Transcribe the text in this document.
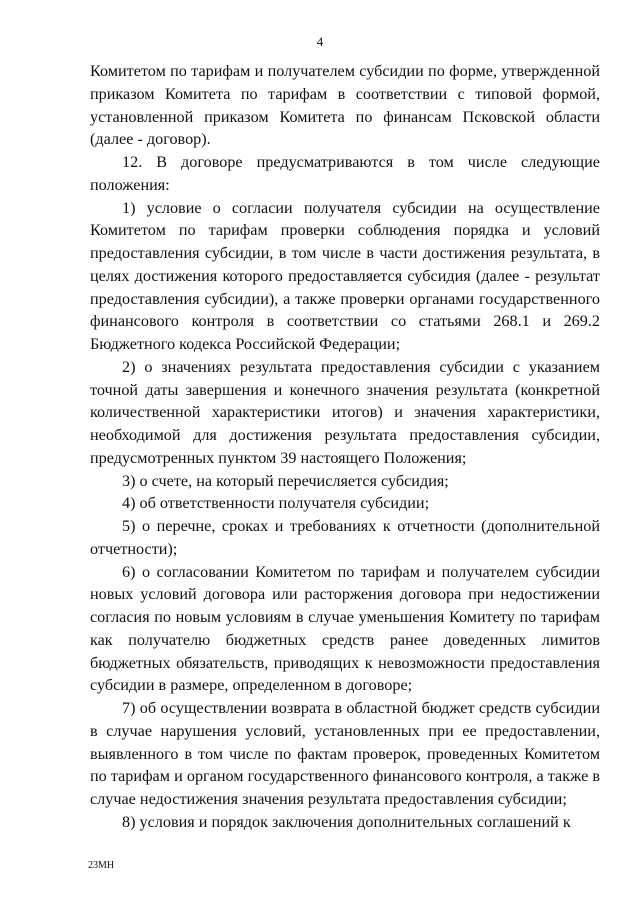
4

Комитетом по тарифам и получателем субсидии по форме, утвержденной приказом Комитета по тарифам в соответствии с типовой формой, установленной приказом Комитета по финансам Псковской области (далее - договор).

12. В договоре предусматриваются в том числе следующие положения:

1) условие о согласии получателя субсидии на осуществление Комитетом по тарифам проверки соблюдения порядка и условий предоставления субсидии, в том числе в части достижения результата, в целях достижения которого предоставляется субсидия (далее - результат предоставления субсидии), а также проверки органами государственного финансового контроля в соответствии со статьями 268.1 и 269.2 Бюджетного кодекса Российской Федерации;

2) о значениях результата предоставления субсидии с указанием точной даты завершения и конечного значения результата (конкретной количественной характеристики итогов) и значения характеристики, необходимой для достижения результата предоставления субсидии, предусмотренных пунктом 39 настоящего Положения;

3) о счете, на который перечисляется субсидия;

4) об ответственности получателя субсидии;

5) о перечне, сроках и требованиях к отчетности (дополнительной отчетности);

6) о согласовании Комитетом по тарифам и получателем субсидии новых условий договора или расторжения договора при недостижении согласия по новым условиям в случае уменьшения Комитету по тарифам как получателю бюджетных средств ранее доведенных лимитов бюджетных обязательств, приводящих к невозможности предоставления субсидии в размере, определенном в договоре;

7) об осуществлении возврата в областной бюджет средств субсидии в случае нарушения условий, установленных при ее предоставлении, выявленного в том числе по фактам проверок, проведенных Комитетом по тарифам и органом государственного финансового контроля, а также в случае недостижения значения результата предоставления субсидии;

8) условия и порядок заключения дополнительных соглашений к

23МН
